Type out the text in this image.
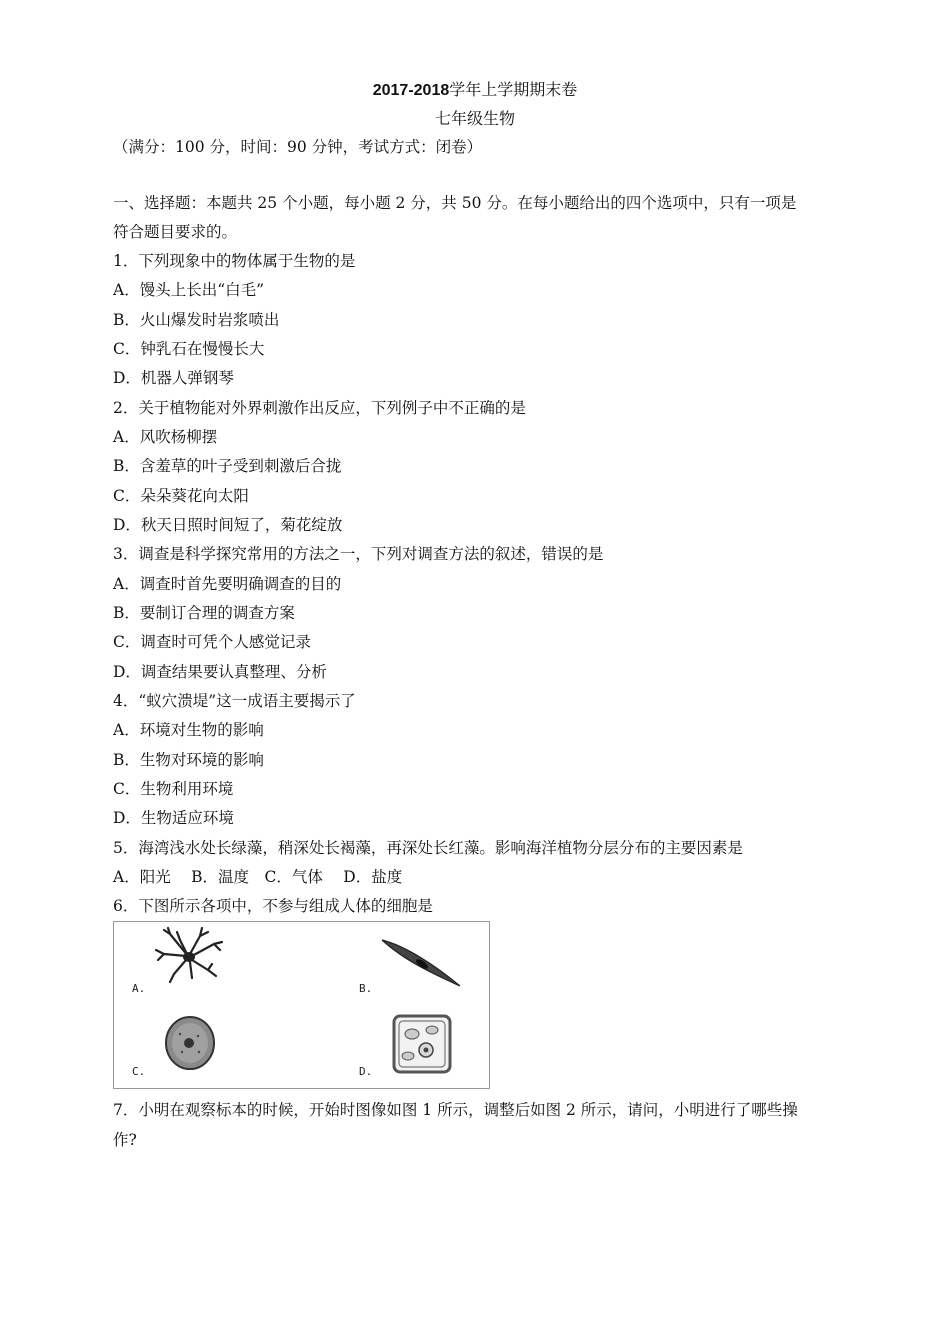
2017-2018学年上学期期末卷
七年级生物
（满分：100 分，时间：90 分钟，考试方式：闭卷）
一、选择题：本题共 25 个小题，每小题 2 分，共 50 分。在每小题给出的四个选项中，只有一项是
符合题目要求的。
1．下列现象中的物体属于生物的是
A．馒头上长出“白毛”
B．火山爆发时岩浆喷出
C．钟乳石在慢慢长大
D．机器人弹钢琴
2．关于植物能对外界刺激作出反应，下列例子中不正确的是
A．风吹杨柳摆
B．含羞草的叶子受到刺激后合拢
C．朵朵葵花向太阳
D．秋天日照时间短了，菊花绽放
3．调查是科学探究常用的方法之一，下列对调查方法的叙述，错误的是
A．调查时首先要明确调查的目的
B．要制订合理的调查方案
C．调查时可凭个人感觉记录
D．调查结果要认真整理、分析
4．“蚁穴溃堤”这一成语主要揭示了
A．环境对生物的影响
B．生物对环境的影响
C．生物利用环境
D．生物适应环境
5．海湾浅水处长绿藻，稍深处长褐藻，再深处长红藻。影响海洋植物分层分布的主要因素是
A．阳光　 B．温度　C．气体　 D．盐度
6．下图所示各项中，不参与组成人体的细胞是
A.	B.
C.	D.
7．小明在观察标本的时候，开始时图像如图 1 所示，调整后如图 2 所示，请问，小明进行了哪些操
作?
